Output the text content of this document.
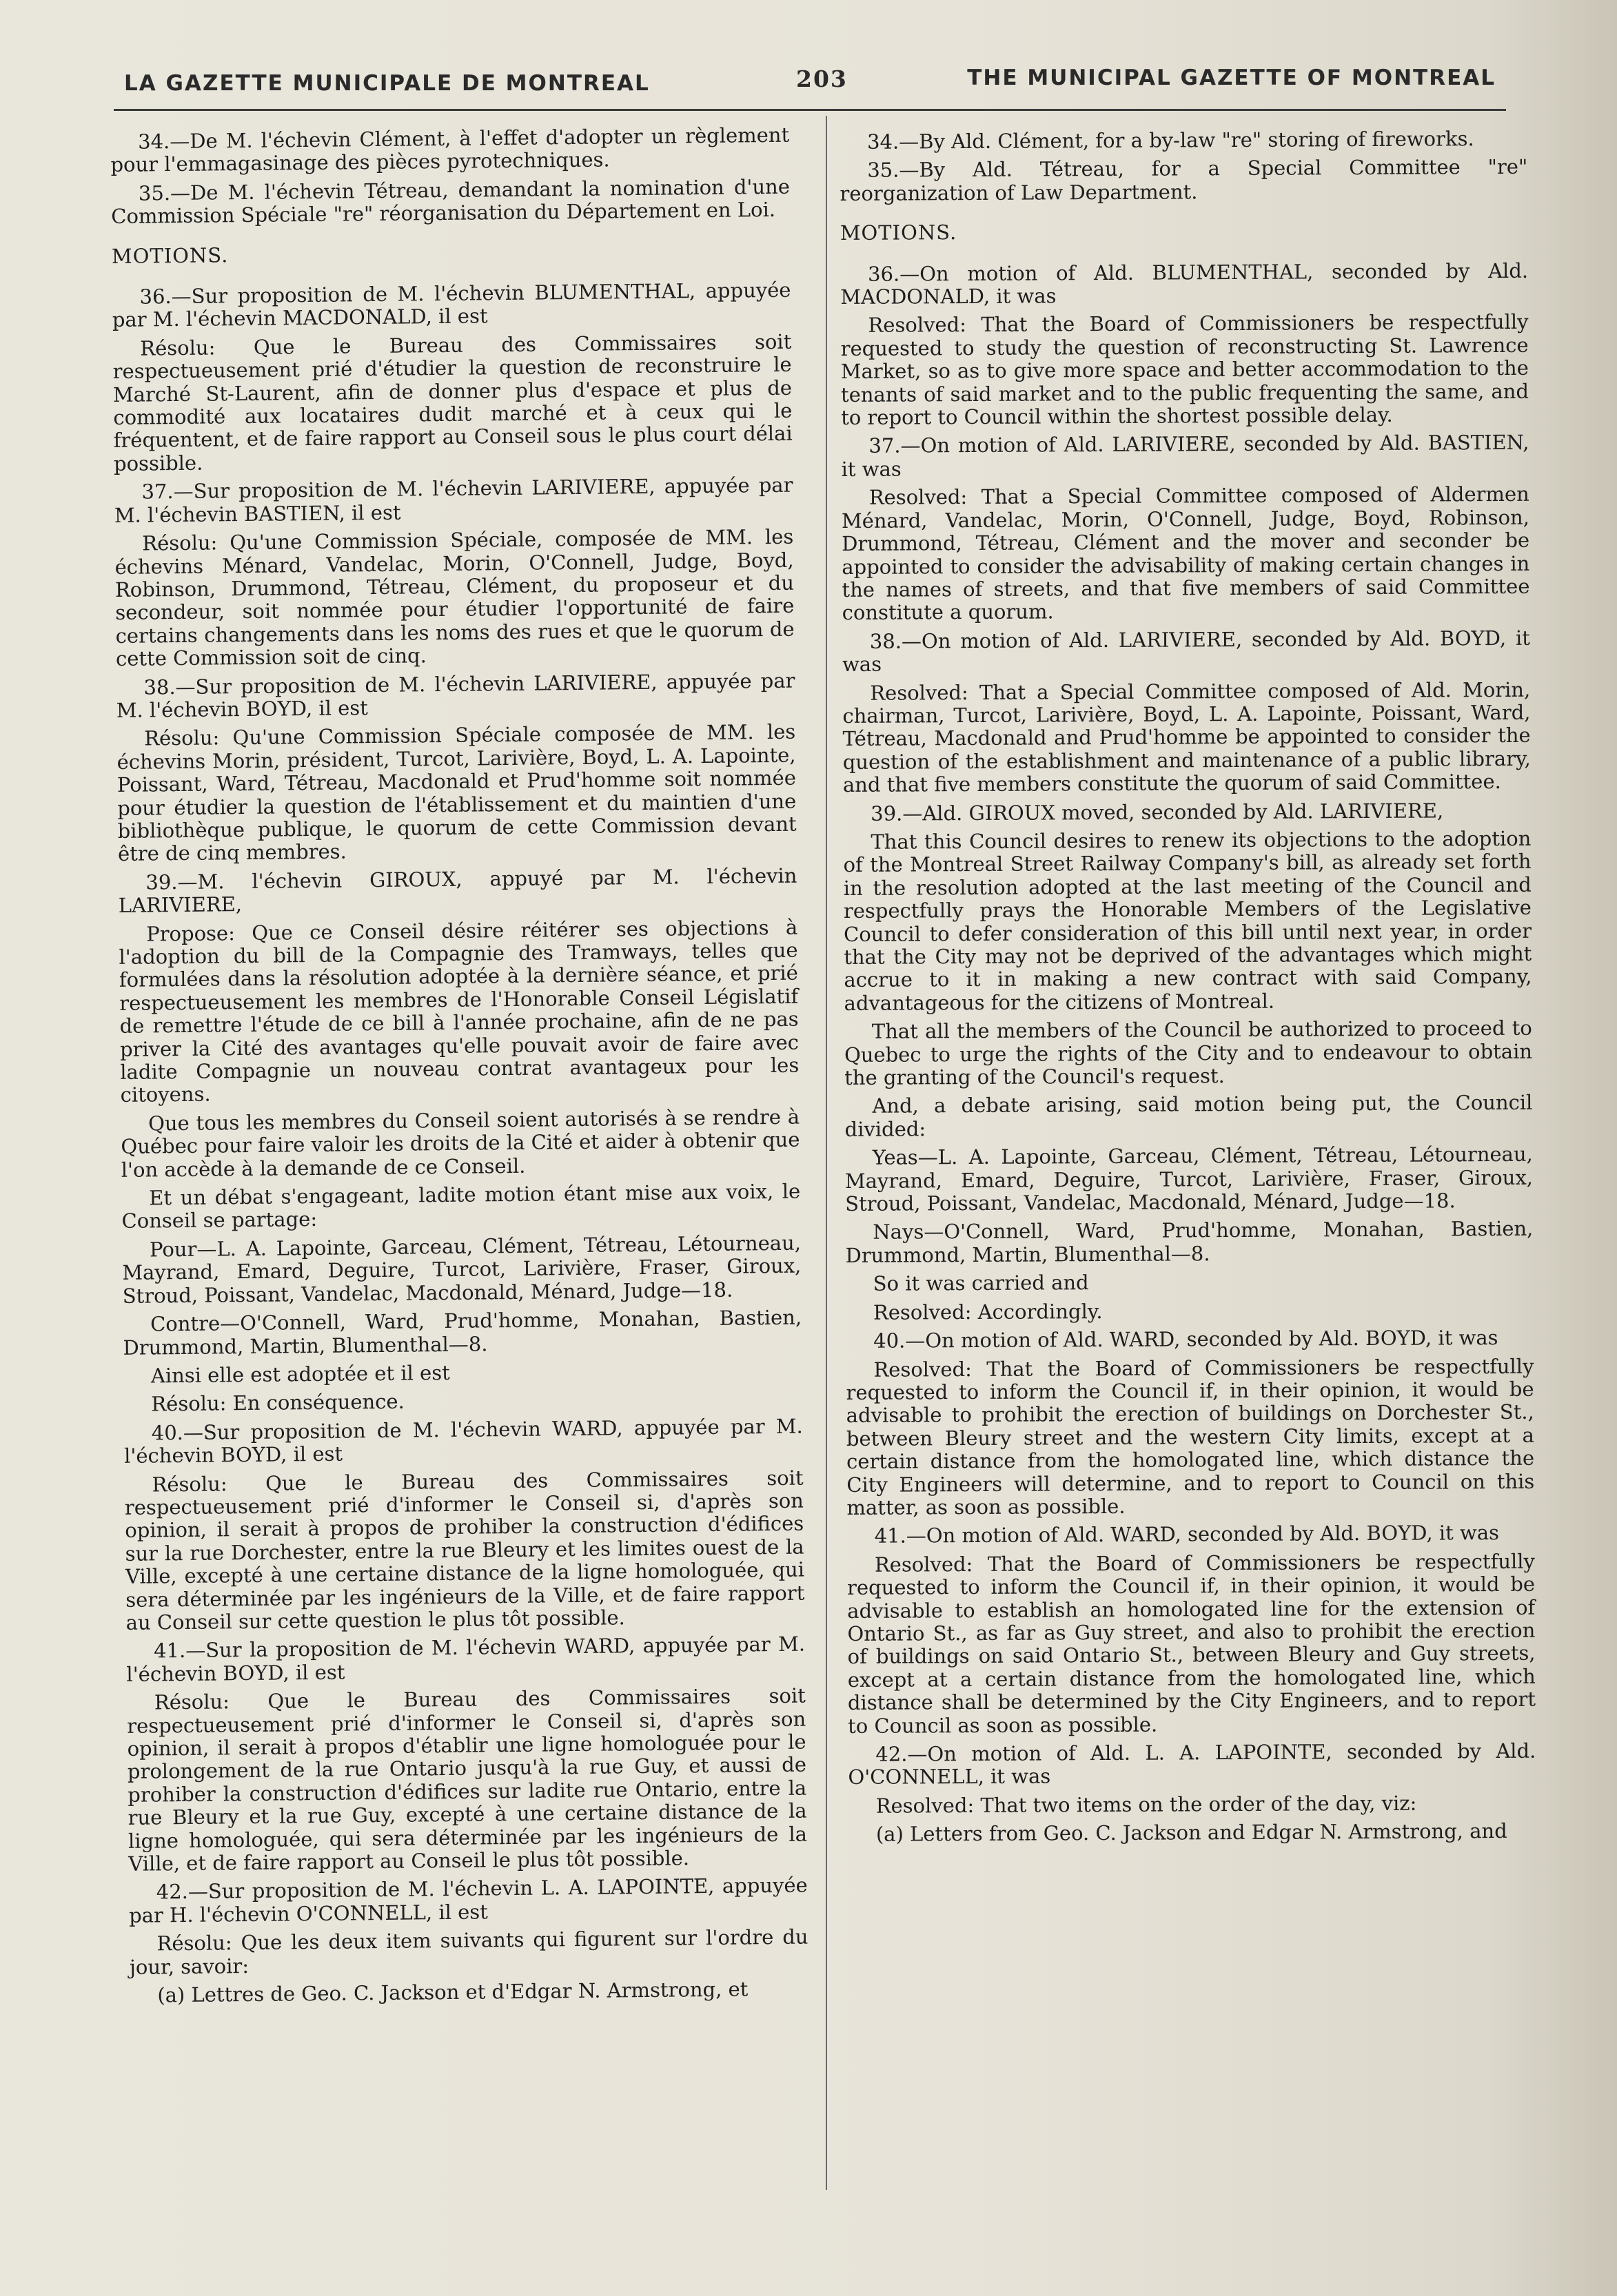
LA GAZETTE MUNICIPALE DE MONTREAL	203	THE MUNICIPAL GAZETTE OF MONTREAL

34.—De M. l'échevin Clément, à l'effet d'adopter un règlement pour l'emmagasinage des pièces pyrotechniques.

35.—De M. l'échevin Tétreau, demandant la nomination d'une Commission Spéciale "re" réorganisation du Département en Loi.

MOTIONS.

36.—Sur proposition de M. l'échevin BLUMENTHAL, appuyée par M. l'échevin MACDONALD, il est

Résolu: Que le Bureau des Commissaires soit respectueusement prié d'étudier la question de reconstruire le Marché St-Laurent, afin de donner plus d'espace et plus de commodité aux locataires dudit marché et à ceux qui le fréquentent, et de faire rapport au Conseil sous le plus court délai possible.

37.—Sur proposition de M. l'échevin LARIVIERE, appuyée par M. l'échevin BASTIEN, il est

Résolu: Qu'une Commission Spéciale, composée de MM. les échevins Ménard, Vandelac, Morin, O'Connell, Judge, Boyd, Robinson, Drummond, Tétreau, Clément, du proposeur et du secondeur, soit nommée pour étudier l'opportunité de faire certains changements dans les noms des rues et que le quorum de cette Commission soit de cinq.

38.—Sur proposition de M. l'échevin LARIVIERE, appuyée par M. l'échevin BOYD, il est

Résolu: Qu'une Commission Spéciale composée de MM. les échevins Morin, président, Turcot, Larivière, Boyd, L. A. Lapointe, Poissant, Ward, Tétreau, Macdonald et Prud'homme soit nommée pour étudier la question de l'établissement et du maintien d'une bibliothèque publique, le quorum de cette Commission devant être de cinq membres.

39.—M. l'échevin GIROUX, appuyé par M. l'échevin LARIVIERE,

Propose: Que ce Conseil désire réitérer ses objections à l'adoption du bill de la Compagnie des Tramways, telles que formulées dans la résolution adoptée à la dernière séance, et prié respectueusement les membres de l'Honorable Conseil Législatif de remettre l'étude de ce bill à l'année prochaine, afin de ne pas priver la Cité des avantages qu'elle pouvait avoir de faire avec ladite Compagnie un nouveau contrat avantageux pour les citoyens.

Que tous les membres du Conseil soient autorisés à se rendre à Québec pour faire valoir les droits de la Cité et aider à obtenir que l'on accède à la demande de ce Conseil.

Et un débat s'engageant, ladite motion étant mise aux voix, le Conseil se partage:

Pour—L. A. Lapointe, Garceau, Clément, Tétreau, Létourneau, Mayrand, Emard, Deguire, Turcot, Larivière, Fraser, Giroux, Stroud, Poissant, Vandelac, Macdonald, Ménard, Judge—18.

Contre—O'Connell, Ward, Prud'homme, Monahan, Bastien, Drummond, Martin, Blumenthal—8.

Ainsi elle est adoptée et il est

Résolu: En conséquence.

40.—Sur proposition de M. l'échevin WARD, appuyée par M. l'échevin BOYD, il est

Résolu: Que le Bureau des Commissaires soit respectueusement prié d'informer le Conseil si, d'après son opinion, il serait à propos de prohiber la construction d'édifices sur la rue Dorchester, entre la rue Bleury et les limites ouest de la Ville, excepté à une certaine distance de la ligne homologuée, qui sera déterminée par les ingénieurs de la Ville, et de faire rapport au Conseil sur cette question le plus tôt possible.

41.—Sur la proposition de M. l'échevin WARD, appuyée par M. l'échevin BOYD, il est

Résolu: Que le Bureau des Commissaires soit respectueusement prié d'informer le Conseil si, d'après son opinion, il serait à propos d'établir une ligne homologuée pour le prolongement de la rue Ontario jusqu'à la rue Guy, et aussi de prohiber la construction d'édifices sur ladite rue Ontario, entre la rue Bleury et la rue Guy, excepté à une certaine distance de la ligne homologuée, qui sera déterminée par les ingénieurs de la Ville, et de faire rapport au Conseil le plus tôt possible.

42.—Sur proposition de M. l'échevin L. A. LAPOINTE, appuyée par H. l'échevin O'CONNELL, il est

Résolu: Que les deux item suivants qui figurent sur l'ordre du jour, savoir:

(a) Lettres de Geo. C. Jackson et d'Edgar N. Armstrong, et

34.—By Ald. Clément, for a by-law "re" storing of fireworks.

35.—By Ald. Tétreau, for a Special Committee "re" reorganization of Law Department.

MOTIONS.

36.—On motion of Ald. BLUMENTHAL, seconded by Ald. MACDONALD, it was

Resolved: That the Board of Commissioners be respectfully requested to study the question of reconstructing St. Lawrence Market, so as to give more space and better accommodation to the tenants of said market and to the public frequenting the same, and to report to Council within the shortest possible delay.

37.—On motion of Ald. LARIVIERE, seconded by Ald. BASTIEN, it was

Resolved: That a Special Committee composed of Aldermen Ménard, Vandelac, Morin, O'Connell, Judge, Boyd, Robinson, Drummond, Tétreau, Clément and the mover and seconder be appointed to consider the advisability of making certain changes in the names of streets, and that five members of said Committee constitute a quorum.

38.—On motion of Ald. LARIVIERE, seconded by Ald. BOYD, it was

Resolved: That a Special Committee composed of Ald. Morin, chairman, Turcot, Larivière, Boyd, L. A. Lapointe, Poissant, Ward, Tétreau, Macdonald and Prud'homme be appointed to consider the question of the establishment and maintenance of a public library, and that five members constitute the quorum of said Committee.

39.—Ald. GIROUX moved, seconded by Ald. LARIVIERE,

That this Council desires to renew its objections to the adoption of the Montreal Street Railway Company's bill, as already set forth in the resolution adopted at the last meeting of the Council and respectfully prays the Honorable Members of the Legislative Council to defer consideration of this bill until next year, in order that the City may not be deprived of the advantages which might accrue to it in making a new contract with said Company, advantageous for the citizens of Montreal.

That all the members of the Council be authorized to proceed to Quebec to urge the rights of the City and to endeavour to obtain the granting of the Council's request.

And, a debate arising, said motion being put, the Council divided:

Yeas—L. A. Lapointe, Garceau, Clément, Tétreau, Létourneau, Mayrand, Emard, Deguire, Turcot, Larivière, Fraser, Giroux, Stroud, Poissant, Vandelac, Macdonald, Ménard, Judge—18.

Nays—O'Connell, Ward, Prud'homme, Monahan, Bastien, Drummond, Martin, Blumenthal—8.

So it was carried and

Resolved: Accordingly.

40.—On motion of Ald. WARD, seconded by Ald. BOYD, it was

Resolved: That the Board of Commissioners be respectfully requested to inform the Council if, in their opinion, it would be advisable to prohibit the erection of buildings on Dorchester St., between Bleury street and the western City limits, except at a certain distance from the homologated line, which distance the City Engineers will determine, and to report to Council on this matter, as soon as possible.

41.—On motion of Ald. WARD, seconded by Ald. BOYD, it was

Resolved: That the Board of Commissioners be respectfully requested to inform the Council if, in their opinion, it would be advisable to establish an homologated line for the extension of Ontario St., as far as Guy street, and also to prohibit the erection of buildings on said Ontario St., between Bleury and Guy streets, except at a certain distance from the homologated line, which distance shall be determined by the City Engineers, and to report to Council as soon as possible.

42.—On motion of Ald. L. A. LAPOINTE, seconded by Ald. O'CONNELL, it was

Resolved: That two items on the order of the day, viz:

(a) Letters from Geo. C. Jackson and Edgar N. Armstrong, and
